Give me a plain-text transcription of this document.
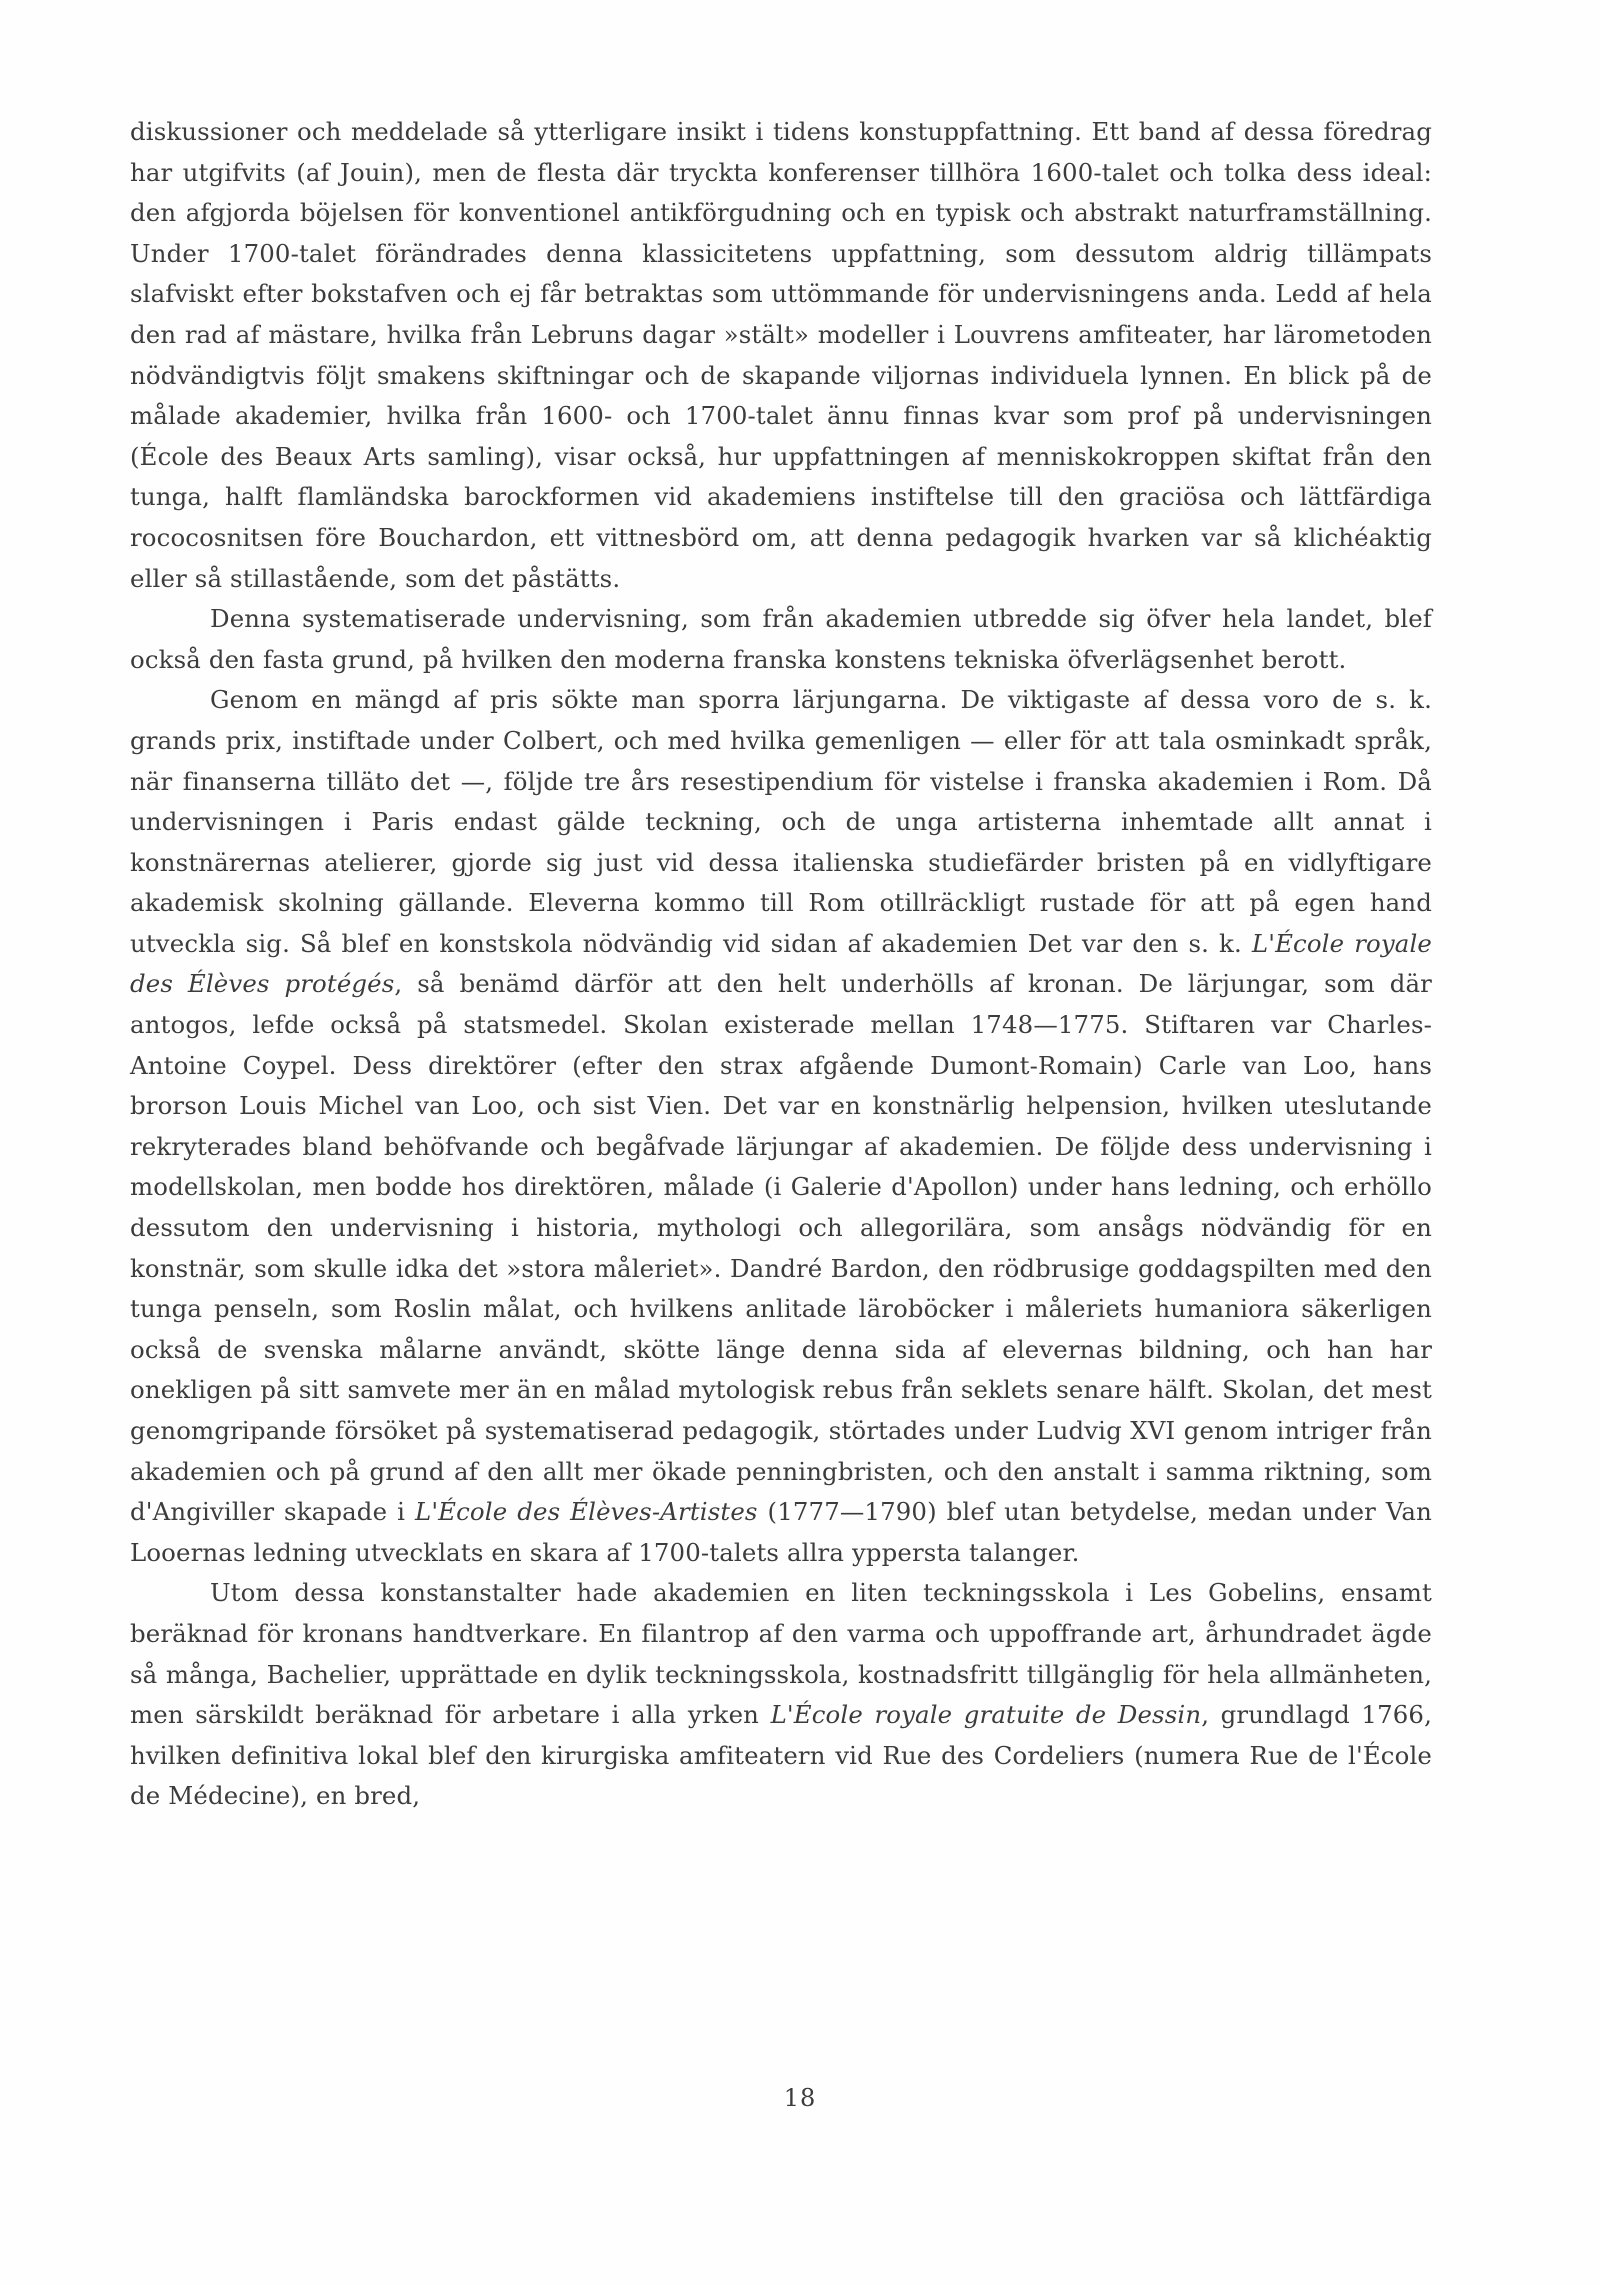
diskussioner och meddelade så ytterligare insikt i tidens konstuppfattning. Ett band af dessa föredrag har utgifvits (af Jouin), men de flesta där tryckta konferenser tillhöra 1600-talet och tolka dess ideal: den afgjorda böjelsen för konventionel antikförgudning och en typisk och abstrakt naturframställning. Under 1700-talet förändrades denna klassicitetens uppfattning, som dessutom aldrig tillämpats slafviskt efter bokstafven och ej får betraktas som uttömmande för undervisningens anda. Ledd af hela den rad af mästare, hvilka från Lebruns dagar »stält» modeller i Louvrens amfiteater, har lärometoden nödvändigtvis följt smakens skiftningar och de skapande viljornas individuela lynnen. En blick på de målade akademier, hvilka från 1600- och 1700-talet ännu finnas kvar som prof på undervisningen (École des Beaux Arts samling), visar också, hur uppfattningen af menniskokroppen skiftat från den tunga, halft flamländska barockformen vid akademiens instiftelse till den graciösa och lättfärdiga rococosnitsen före Bouchardon, ett vittnesbörd om, att denna pedagogik hvarken var så klichéaktig eller så stillastående, som det påstätts.

Denna systematiserade undervisning, som från akademien utbredde sig öfver hela landet, blef också den fasta grund, på hvilken den moderna franska konstens tekniska öfverlägsenhet berott.

Genom en mängd af pris sökte man sporra lärjungarna. De viktigaste af dessa voro de s. k. grands prix, instiftade under Colbert, och med hvilka gemenligen — eller för att tala osminkadt språk, när finanserna tilläto det —, följde tre års resestipendium för vistelse i franska akademien i Rom. Då undervisningen i Paris endast gälde teckning, och de unga artisterna inhemtade allt annat i konstnärernas atelierer, gjorde sig just vid dessa italienska studiefärder bristen på en vidlyftigare akademisk skolning gällande. Eleverna kommo till Rom otillräckligt rustade för att på egen hand utveckla sig. Så blef en konstskola nödvändig vid sidan af akademien Det var den s. k. L'École royale des Élèves protégés, så benämd därför att den helt underhölls af kronan. De lärjungar, som där antogos, lefde också på statsmedel. Skolan existerade mellan 1748—1775. Stiftaren var Charles-Antoine Coypel. Dess direktörer (efter den strax afgående Dumont-Romain) Carle van Loo, hans brorson Louis Michel van Loo, och sist Vien. Det var en konstnärlig helpension, hvilken uteslutande rekryterades bland behöfvande och begåfvade lärjungar af akademien. De följde dess undervisning i modellskolan, men bodde hos direktören, målade (i Galerie d'Apollon) under hans ledning, och erhöllo dessutom den undervisning i historia, mythologi och allegorilära, som ansågs nödvändig för en konstnär, som skulle idka det »stora måleriet». Dandré Bardon, den rödbrusige goddagspilten med den tunga penseln, som Roslin målat, och hvilkens anlitade läroböcker i måleriets humaniora säkerligen också de svenska målarne användt, skötte länge denna sida af elevernas bildning, och han har onekligen på sitt samvete mer än en målad mytologisk rebus från seklets senare hälft. Skolan, det mest genomgripande försöket på systematiserad pedagogik, störtades under Ludvig XVI genom intriger från akademien och på grund af den allt mer ökade penningbristen, och den anstalt i samma riktning, som d'Angiviller skapade i L'École des Élèves-Artistes (1777—1790) blef utan betydelse, medan under Van Looernas ledning utvecklats en skara af 1700-talets allra yppersta talanger.

Utom dessa konstanstalter hade akademien en liten teckningsskola i Les Gobelins, ensamt beräknad för kronans handtverkare. En filantrop af den varma och uppoffrande art, århundradet ägde så många, Bachelier, upprättade en dylik teckningsskola, kostnadsfritt tillgänglig för hela allmänheten, men särskildt beräknad för arbetare i alla yrken L'École royale gratuite de Dessin, grundlagd 1766, hvilken definitiva lokal blef den kirurgiska amfiteatern vid Rue des Cordeliers (numera Rue de l'École de Médecine), en bred,

18
